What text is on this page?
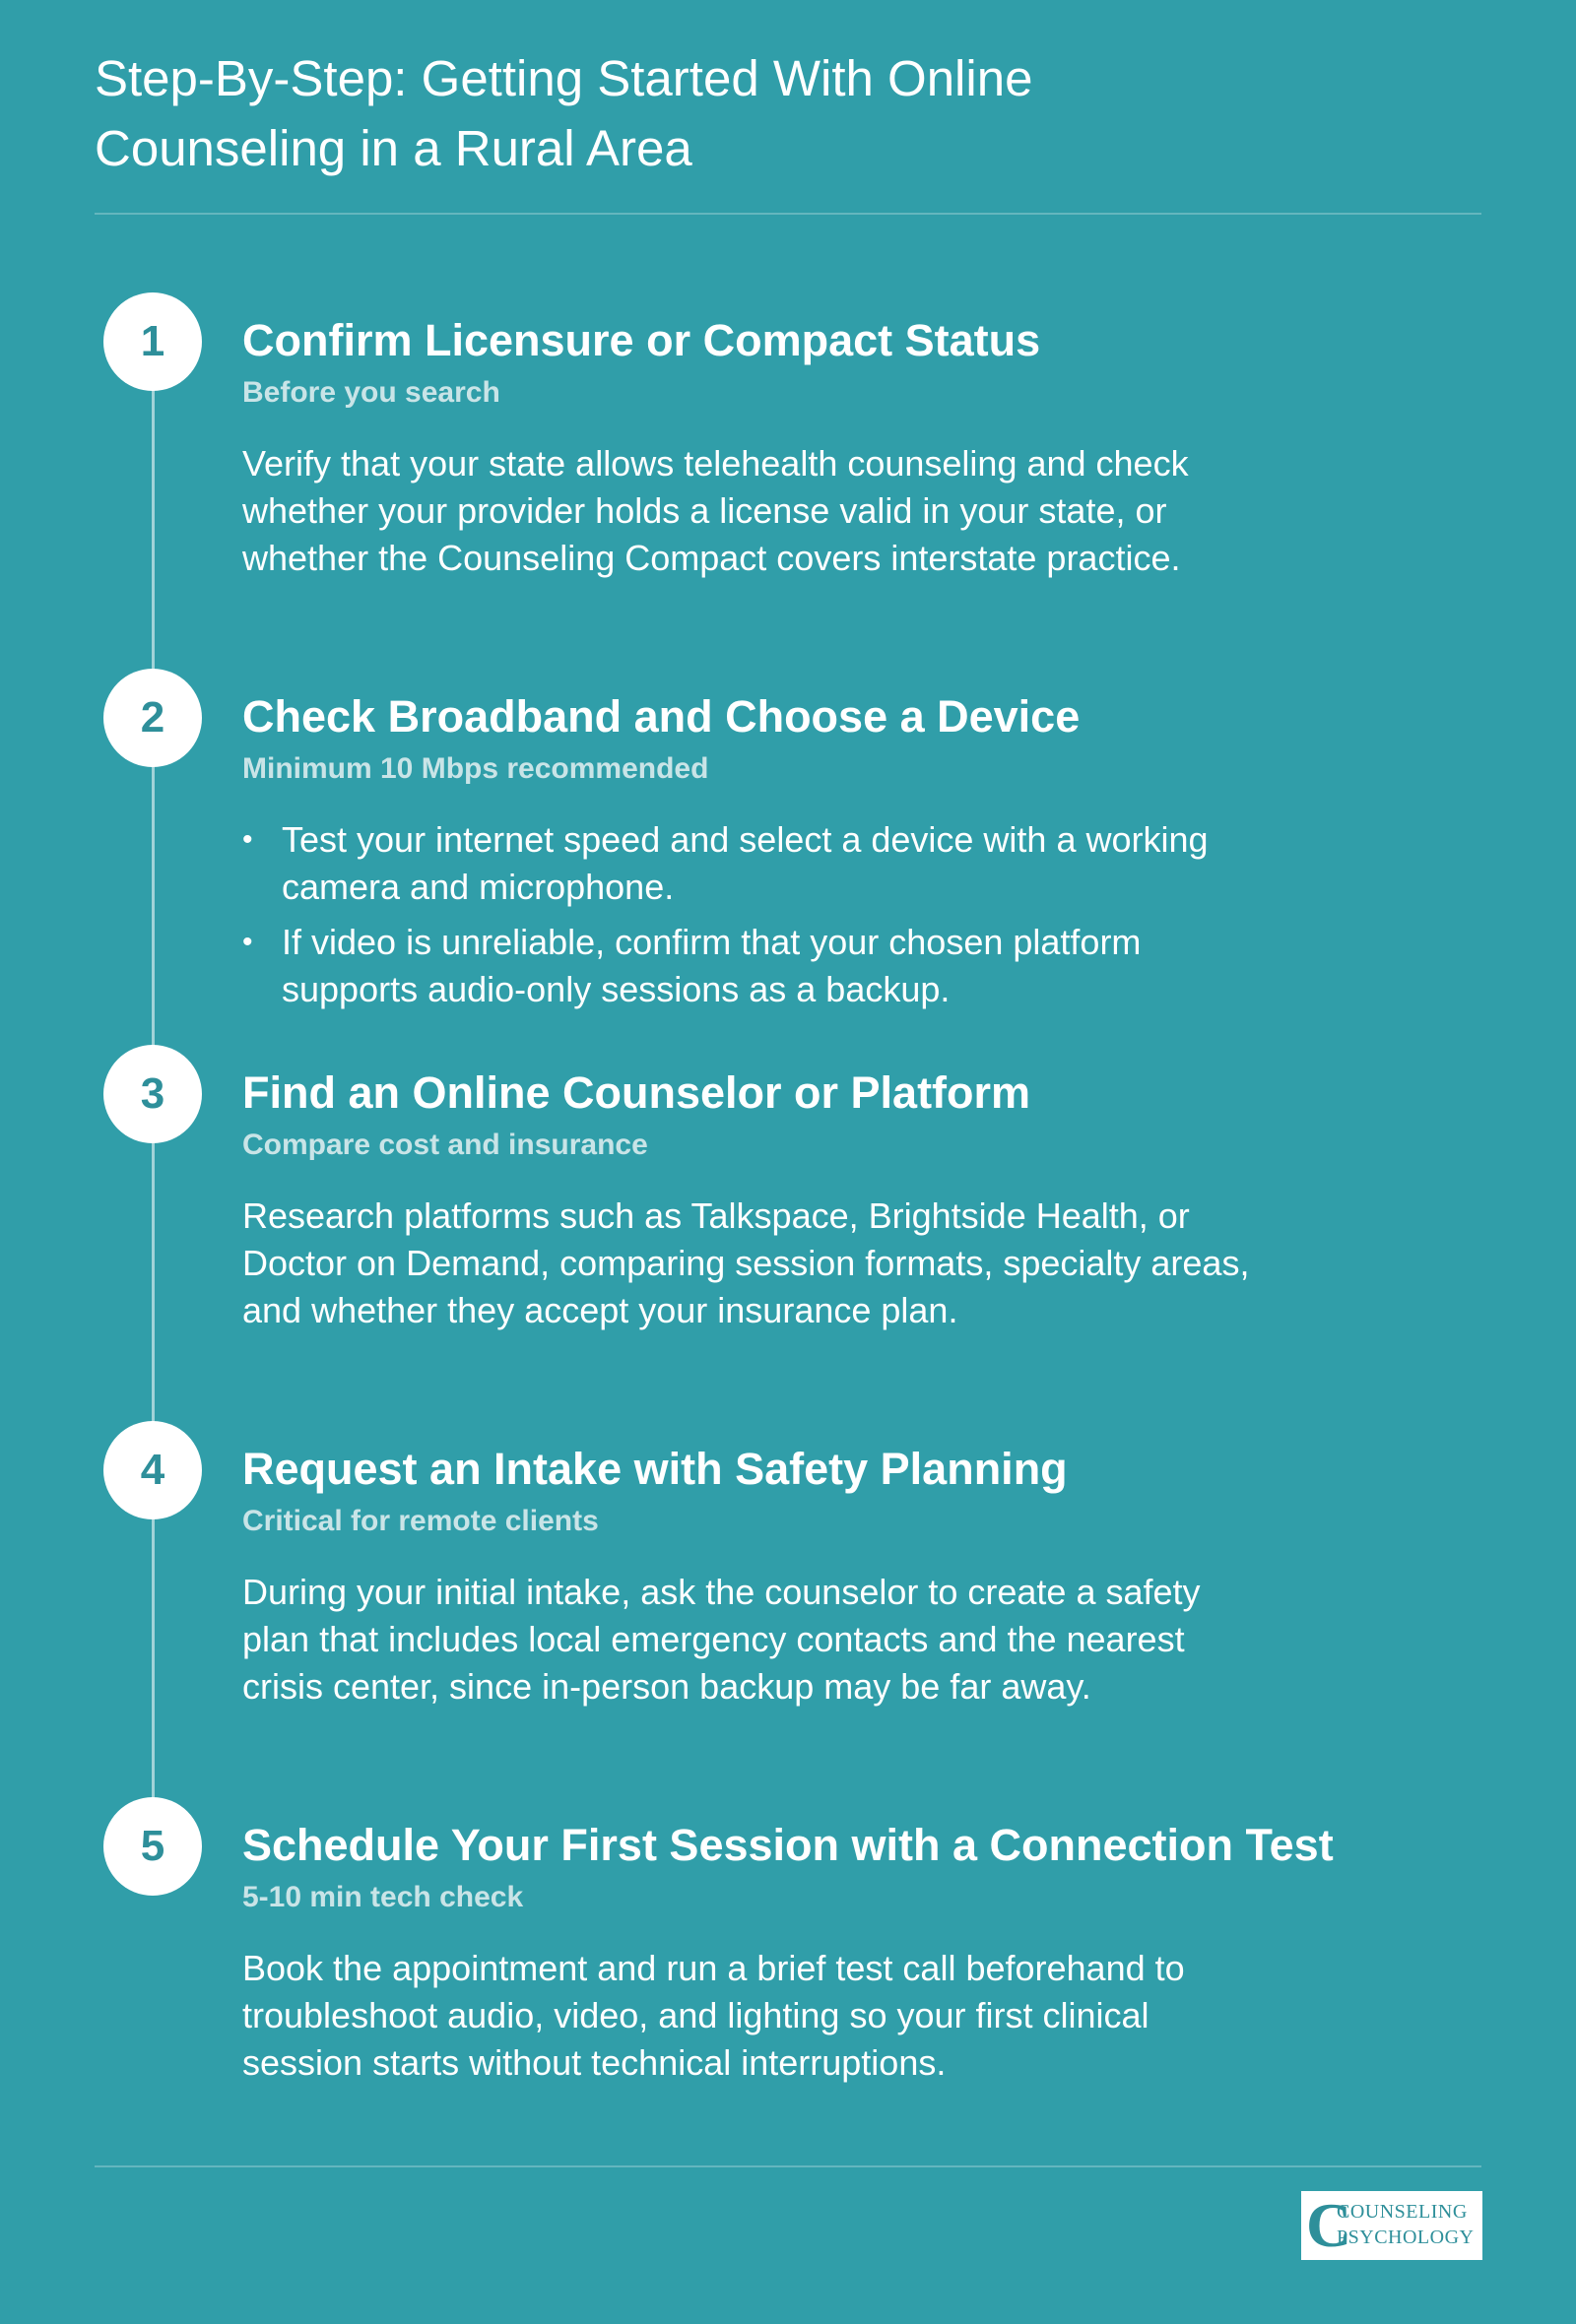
Step-By-Step: Getting Started With Online Counseling in a Rural Area
1	Confirm Licensure or Compact Status
Before you search

Verify that your state allows telehealth counseling and check whether your provider holds a license valid in your state, or whether the Counseling Compact covers interstate practice.

2	Check Broadband and Choose a Device
Minimum 10 Mbps recommended
• Test your internet speed and select a device with a working camera and microphone.
• If video is unreliable, confirm that your chosen platform supports audio-only sessions as a backup.
3	Find an Online Counselor or Platform
Compare cost and insurance

Research platforms such as Talkspace, Brightside Health, or Doctor on Demand, comparing session formats, specialty areas, and whether they accept your insurance plan.

4	Request an Intake with Safety Planning
Critical for remote clients

During your initial intake, ask the counselor to create a safety plan that includes local emergency contacts and the nearest crisis center, since in-person backup may be far away.

5	Schedule Your First Session with a Connection Test
5-10 min tech check

Book the appointment and run a brief test call beforehand to troubleshoot audio, video, and lighting so your first clinical session starts without technical interruptions.

C
COUNSELING
PSYCHOLOGY
